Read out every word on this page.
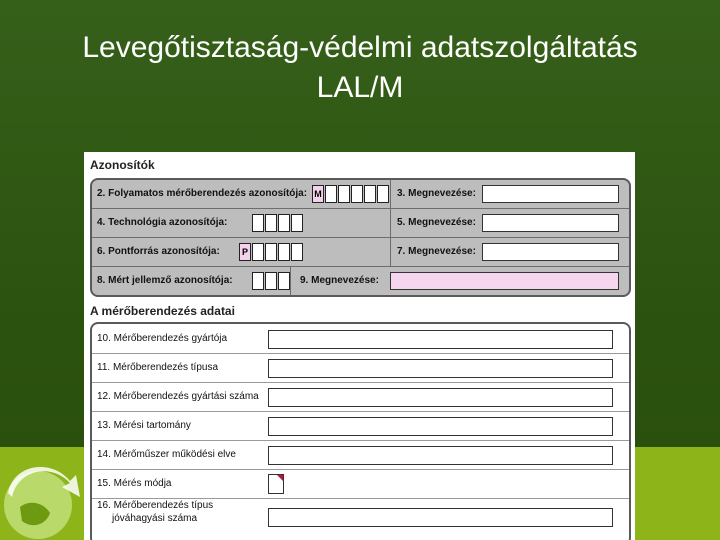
Levegőtisztaság-védelmi adatszolgáltatás
LAL/M
Azonosítók
2. Folyamatos mérőberendezés azonosítója: M	3. Megnevezése:
4. Technológia azonosítója:	5. Megnevezése:
6. Pontforrás azonosítója:	P	7. Megnevezése:
8. Mért jellemző azonosítója:	9. Megnevezése:
A mérőberendezés adatai
10. Mérőberendezés gyártója
11. Mérőberendezés típusa
12. Mérőberendezés gyártási száma
13. Mérési tartomány
14. Mérőműszer működési elve
15. Mérés módja
16. Mérőberendezés típus
jóváhagyási száma
